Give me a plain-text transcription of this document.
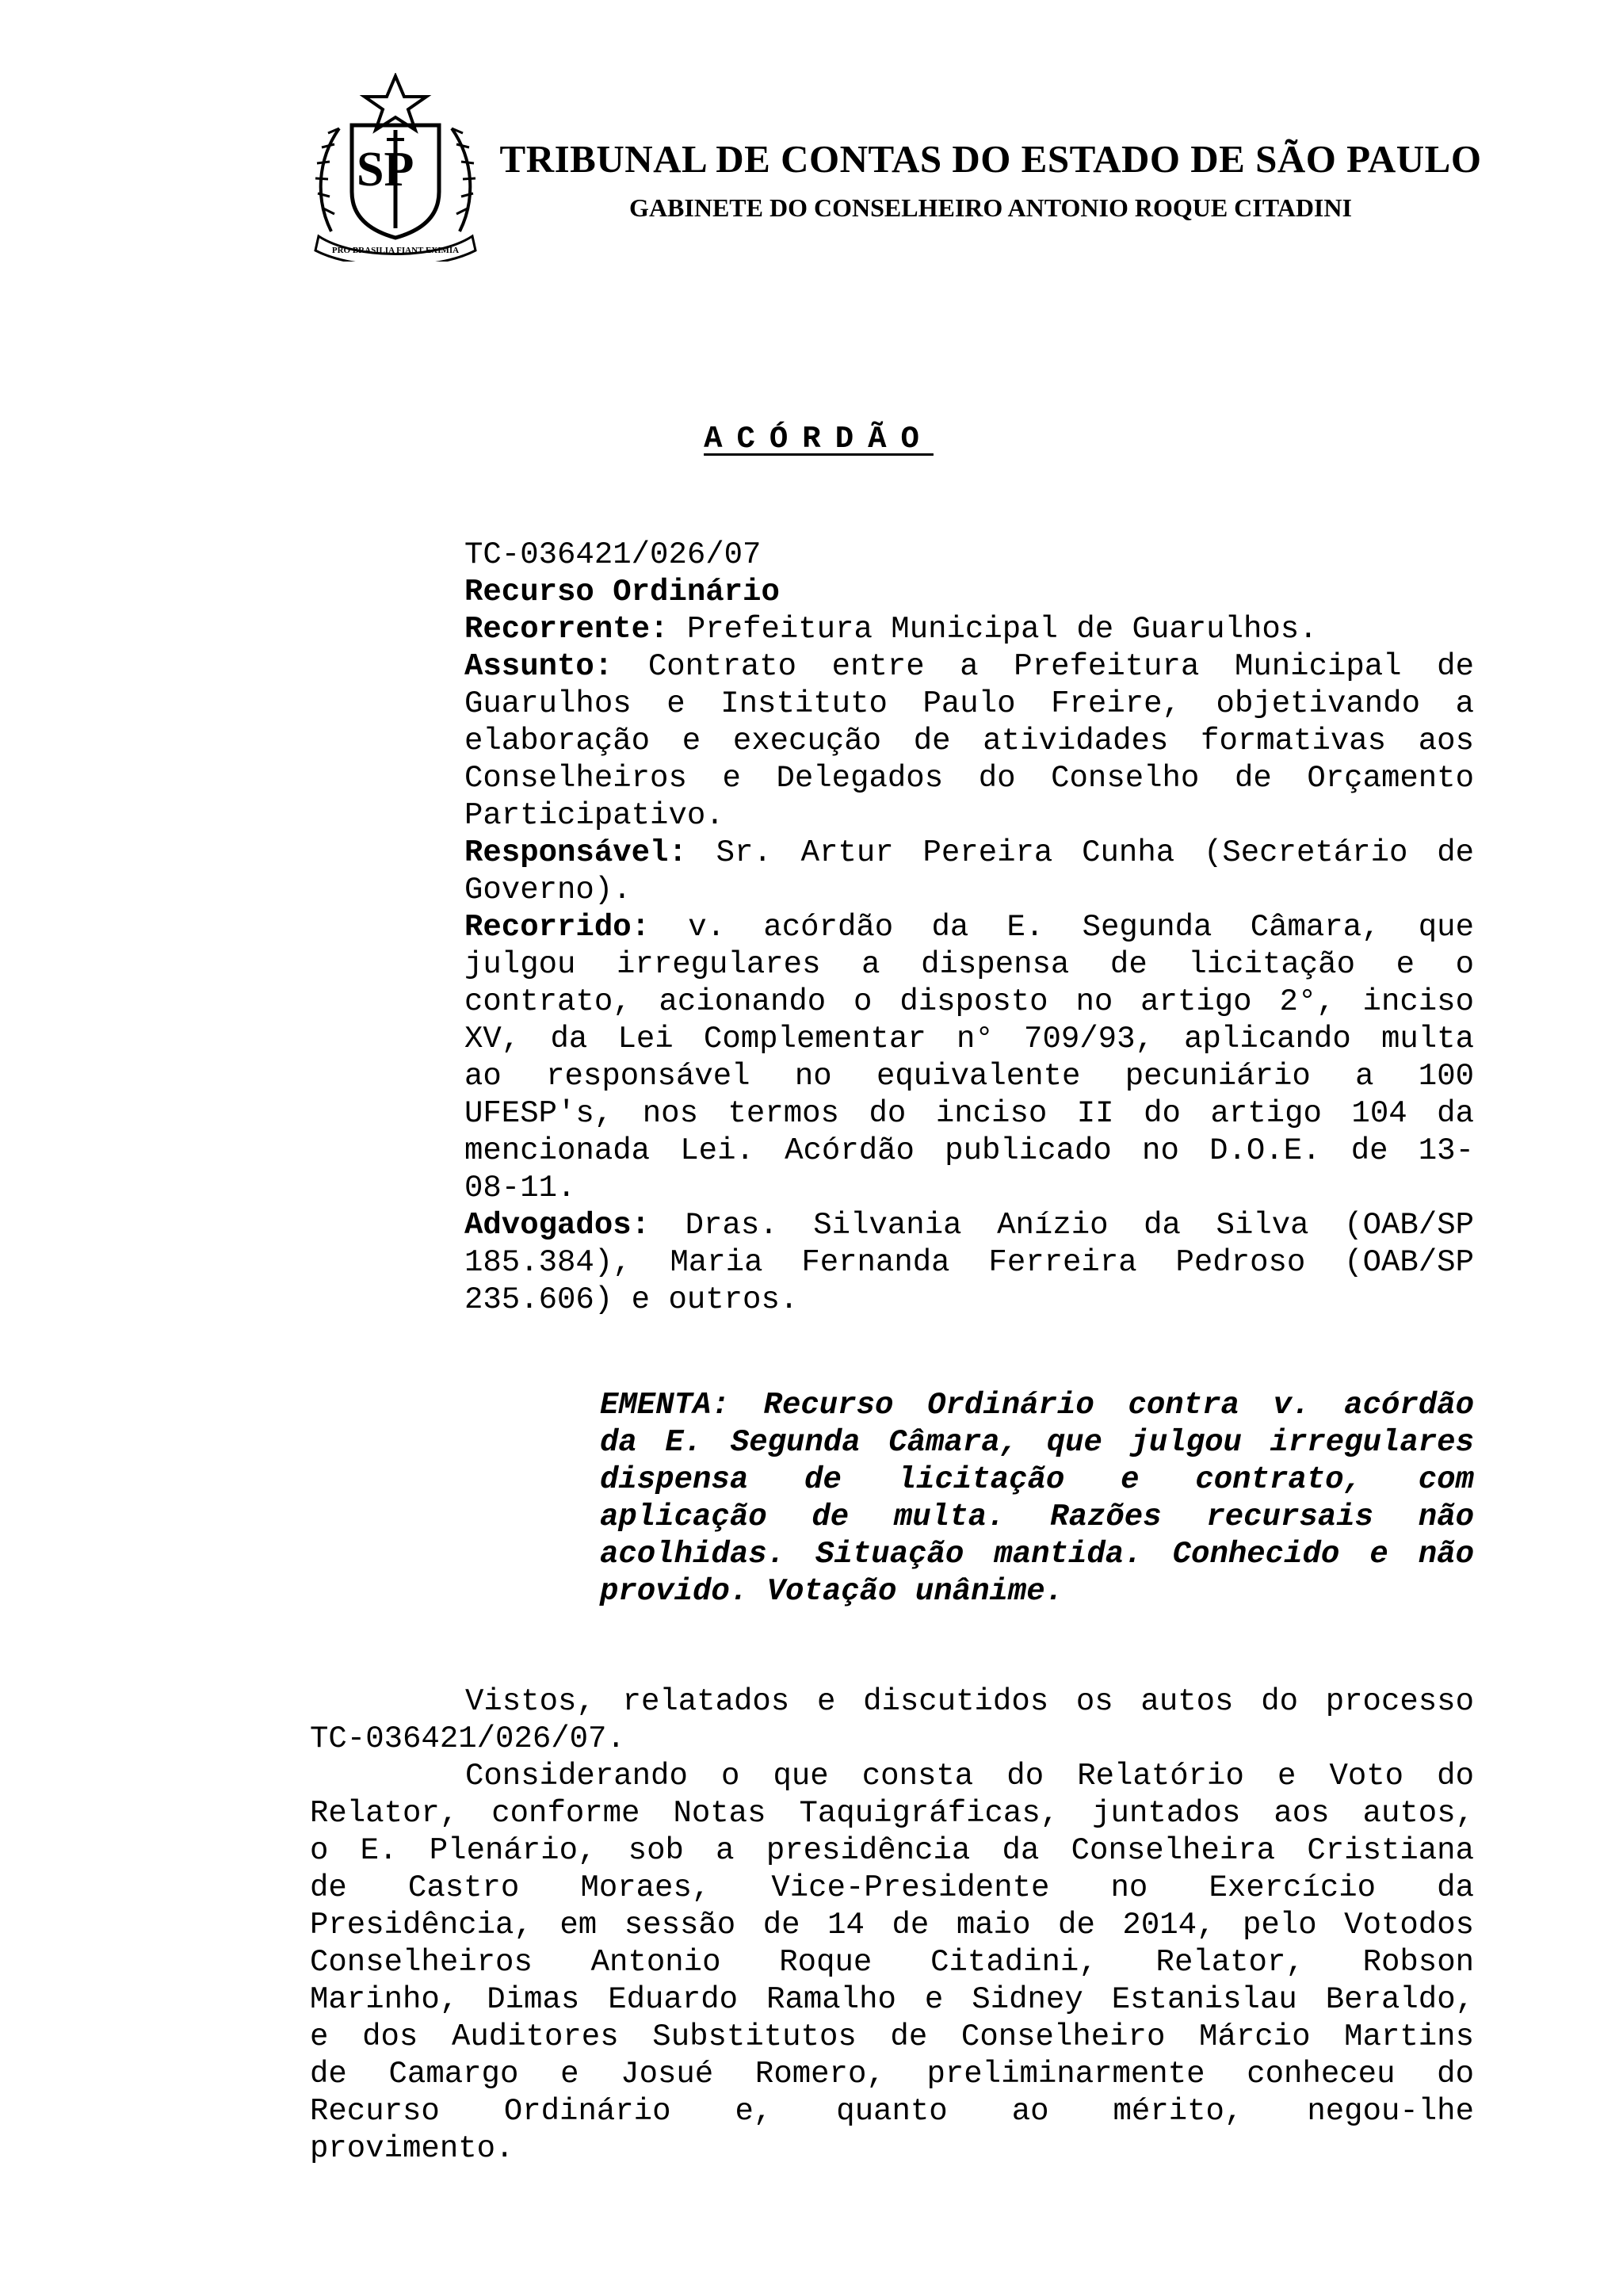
SP
PRO BRASILIA FIANT EXIMIA
TRIBUNAL DE CONTAS DO ESTADO DE SÃO PAULO
GABINETE DO CONSELHEIRO ANTONIO ROQUE CITADINI
ACÓRDÃO
TC-036421/026/07
Recurso Ordinário
Recorrente: Prefeitura Municipal de Guarulhos.
Assunto: Contrato entre a Prefeitura Municipal de
Guarulhos e Instituto Paulo Freire, objetivando a
elaboração e execução de atividades formativas aos
Conselheiros e Delegados do Conselho de Orçamento
Participativo.
Responsável: Sr. Artur Pereira Cunha (Secretário de
Governo).
Recorrido: v. acórdão da E. Segunda Câmara, que
julgou irregulares a dispensa de licitação e o
contrato, acionando o disposto no artigo 2°, inciso
XV, da Lei Complementar n° 709/93, aplicando multa
ao responsável no equivalente pecuniário a 100
UFESP's, nos termos do inciso II do artigo 104 da
mencionada Lei. Acórdão publicado no D.O.E. de 13-
08-11.
Advogados: Dras. Silvania Anízio da Silva (OAB/SP
185.384), Maria Fernanda Ferreira Pedroso (OAB/SP
235.606) e outros.
EMENTA: Recurso Ordinário contra v. acórdão
da E. Segunda Câmara, que julgou irregulares
dispensa de licitação e contrato, com
aplicação de multa. Razões recursais não
acolhidas. Situação mantida. Conhecido e não
provido. Votação unânime.
Vistos, relatados e discutidos os autos do processo
TC-036421/026/07.
Considerando o que consta do Relatório e Voto do
Relator, conforme Notas Taquigráficas, juntados aos autos,
o E. Plenário, sob a presidência da Conselheira Cristiana
de Castro Moraes, Vice-Presidente no Exercício da
Presidência, em sessão de 14 de maio de 2014, pelo Votodos
Conselheiros Antonio Roque Citadini, Relator, Robson
Marinho, Dimas Eduardo Ramalho e Sidney Estanislau Beraldo,
e dos Auditores Substitutos de Conselheiro Márcio Martins
de Camargo e Josué Romero, preliminarmente conheceu do
Recurso Ordinário e, quanto ao mérito, negou-lhe
provimento.
